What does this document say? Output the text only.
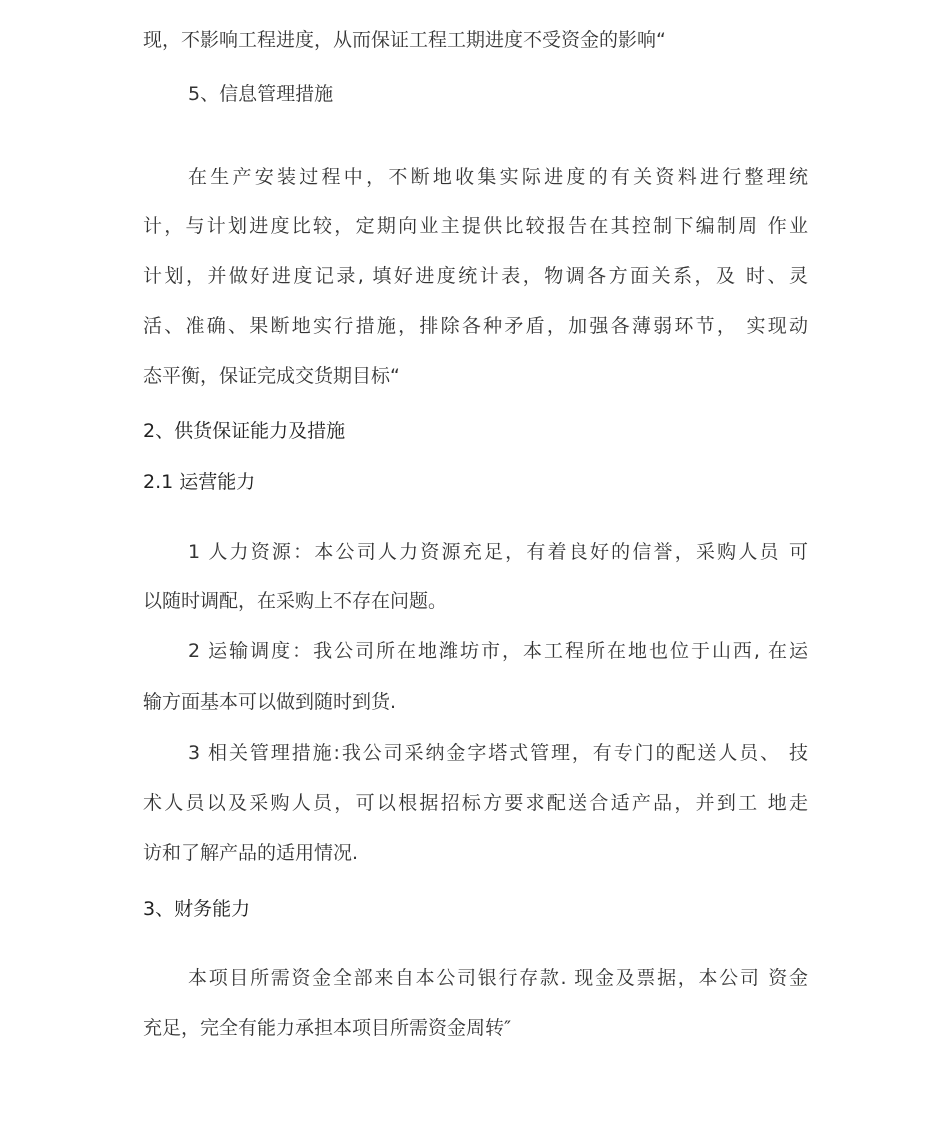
现，不影响工程进度，从而保证工程工期进度不受资金的影响“
5、信息管理措施
在生产安装过程中，不断地收集实际进度的有关资料进行整理统
计，与计划进度比较，定期向业主提供比较报告在其控制下编制周 作业
计划，并做好进度记录, 填好进度统计表，物调各方面关系，及 时、灵
活、准确、果断地实行措施，排除各种矛盾，加强各薄弱环节， 实现动
态平衡，保证完成交货期目标“
2、供货保证能力及措施
2.1 运营能力
1 人力资源：本公司人力资源充足，有着良好的信誉，采购人员 可
以随时调配，在采购上不存在问题。
2 运输调度：我公司所在地潍坊市，本工程所在地也位于山西, 在运
输方面基本可以做到随时到货.
3 相关管理措施:我公司采纳金字塔式管理，有专门的配送人员、 技
术人员以及采购人员，可以根据招标方要求配送合适产品，并到工 地走
访和了解产品的适用情况.
3、财务能力
本项目所需资金全部来自本公司银行存款. 现金及票据，本公司 资金
充足，完全有能力承担本项目所需资金周转″
